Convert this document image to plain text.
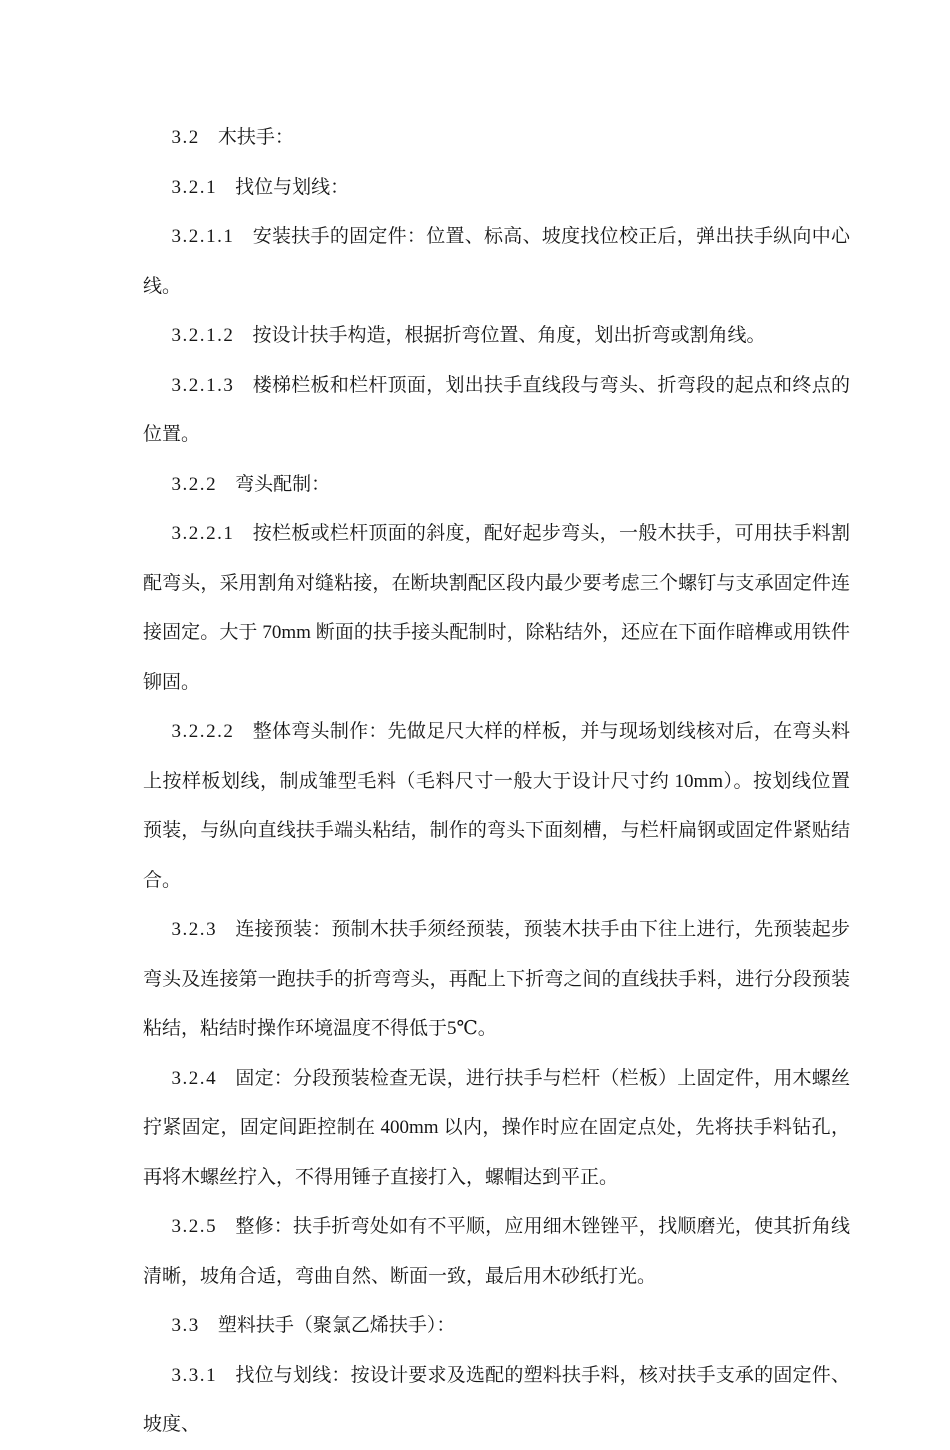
3.2 木扶手：

3.2.1 找位与划线：

3.2.1.1 安装扶手的固定件：位置、标高、坡度找位校正后，弹出扶手纵向中心线。

3.2.1.2 按设计扶手构造，根据折弯位置、角度，划出折弯或割角线。

3.2.1.3 楼梯栏板和栏杆顶面，划出扶手直线段与弯头、折弯段的起点和终点的位置。

3.2.2 弯头配制：

3.2.2.1 按栏板或栏杆顶面的斜度，配好起步弯头，一般木扶手，可用扶手料割配弯头，采用割角对缝粘接，在断块割配区段内最少要考虑三个螺钉与支承固定件连接固定。大于 70mm 断面的扶手接头配制时，除粘结外，还应在下面作暗榫或用铁件铆固。

3.2.2.2 整体弯头制作：先做足尺大样的样板，并与现场划线核对后，在弯头料上按样板划线，制成雏型毛料（毛料尺寸一般大于设计尺寸约 10mm）。按划线位置预装，与纵向直线扶手端头粘结，制作的弯头下面刻槽，与栏杆扁钢或固定件紧贴结合。

3.2.3 连接预装：预制木扶手须经预装，预装木扶手由下往上进行，先预装起步弯头及连接第一跑扶手的折弯弯头，再配上下折弯之间的直线扶手料，进行分段预装粘结，粘结时操作环境温度不得低于5℃。

3.2.4 固定：分段预装检查无误，进行扶手与栏杆（栏板）上固定件，用木螺丝拧紧固定，固定间距控制在 400mm 以内，操作时应在固定点处，先将扶手料钻孔，再将木螺丝拧入，不得用锤子直接打入，螺帽达到平正。

3.2.5 整修：扶手折弯处如有不平顺，应用细木锉锉平，找顺磨光，使其折角线清晰，坡角合适，弯曲自然、断面一致，最后用木砂纸打光。

3.3 塑料扶手（聚氯乙烯扶手）：

3.3.1 找位与划线：按设计要求及选配的塑料扶手料，核对扶手支承的固定件、坡度、
